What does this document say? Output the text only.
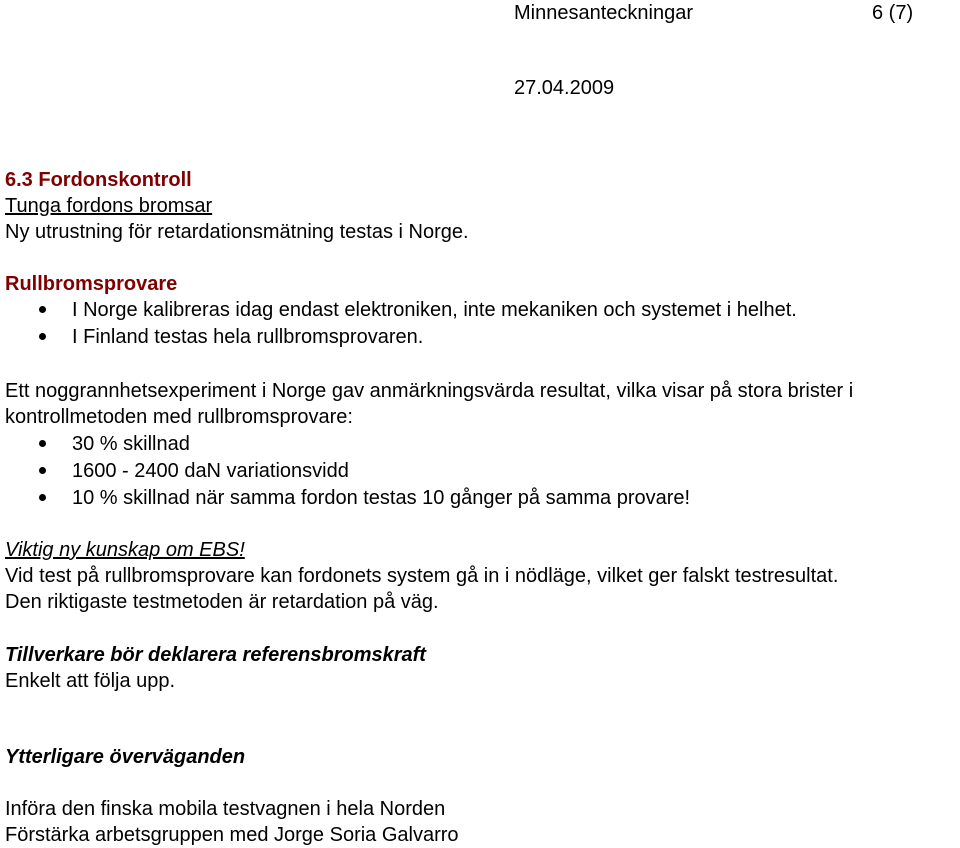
Minnesanteckningar	6 (7)
27.04.2009
6.3 Fordonskontroll
Tunga fordons bromsar
Ny utrustning för retardationsmätning testas i Norge.
Rullbromsprovare
I Norge kalibreras idag endast elektroniken, inte mekaniken och systemet i helhet.
I Finland testas hela rullbromsprovaren.
Ett noggrannhetsexperiment i Norge gav anmärkningsvärda resultat, vilka visar på stora brister i
kontrollmetoden med rullbromsprovare:
30 % skillnad
1600 - 2400 daN variationsvidd
10 % skillnad när samma fordon testas 10 gånger på samma provare!
Viktig ny kunskap om EBS!
Vid test på rullbromsprovare kan fordonets system gå in i nödläge, vilket ger falskt testresultat.
Den riktigaste testmetoden är retardation på väg.
Tillverkare bör deklarera referensbromskraft
Enkelt att följa upp.
Ytterligare överväganden
Införa den finska mobila testvagnen i hela Norden
Förstärka arbetsgruppen med Jorge Soria Galvarro
